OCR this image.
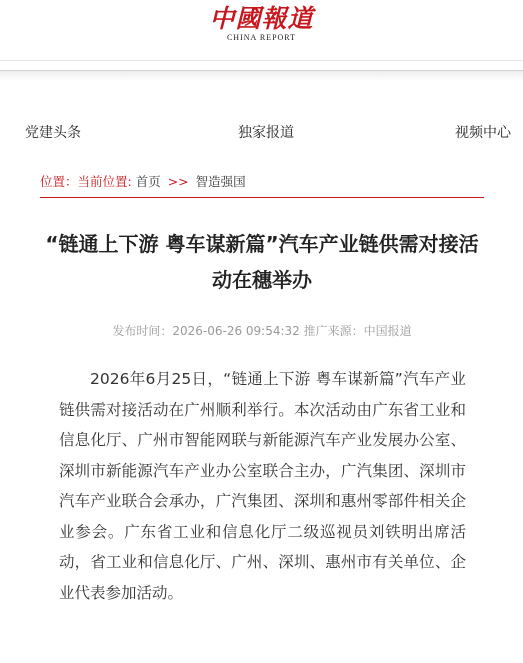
中國報道
CHINA REPORT
党建头条	独家报道	视频中心
位置：当前位置: 首页 >> 智造强国
“链通上下游 粤车谋新篇”汽车产业链供需对接活动在穗举办
发布时间：2026-06-26 09:54:32 推广来源：中国报道

2026年6月25日，“链通上下游 粤车谋新篇”汽车产业链供需对接活动在广州顺利举行。本次活动由广东省工业和信息化厅、广州市智能网联与新能源汽车产业发展办公室、深圳市新能源汽车产业办公室联合主办，广汽集团、深圳市汽车产业联合会承办，广汽集团、深圳和惠州零部件相关企业参会。广东省工业和信息化厅二级巡视员刘铁明出席活动，省工业和信息化厅、广州、深圳、惠州市有关单位、企业代表参加活动。
